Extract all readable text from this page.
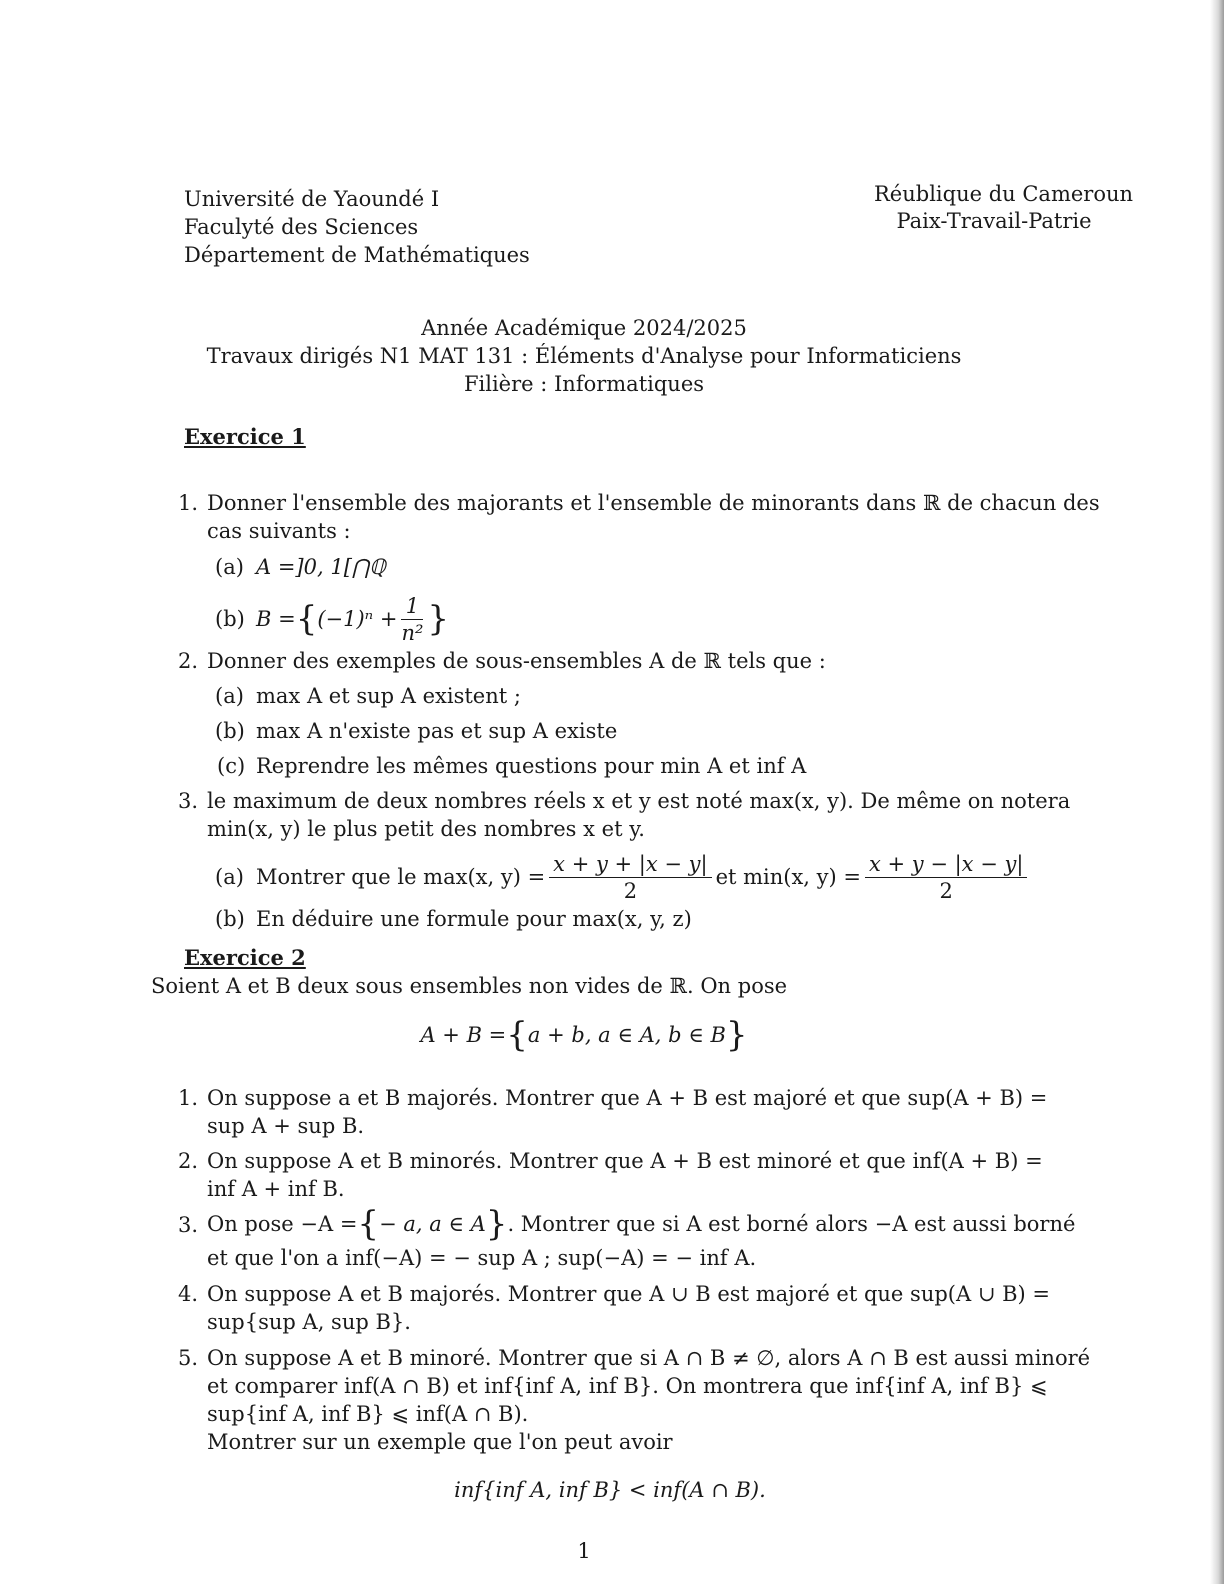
Université de Yaoundé I
Faculyté des Sciences
Département de Mathématiques
Réublique du Cameroun
Paix-Travail-Patrie
Année Académique 2024/2025
Travaux dirigés N1 MAT 131 : Éléments d'Analyse pour Informaticiens
Filière : Informatiques
Exercice 1
1. Donner l'ensemble des majorants et l'ensemble de minorants dans ℝ de chacun des
cas suivants :
(a) A =]0, 1[⋂ℚ
(b) B = { $(-1)^n + \frac{1}{\text{n²}}$ }
2. Donner des exemples de sous-ensembles A de ℝ tels que :
(a) max A et sup A existent ;
(b) max A n'existe pas et sup A existe
(c) Reprendre les mêmes questions pour min A et inf A
3. le maximum de deux nombres réels x et y est noté max(x, y). De même on notera
min(x, y) le plus petit des nombres x et y.
(a) Montrer que le max(x, $y) = \frac{x + y + |x - y|}{2}$ et min(x, $y) = \frac{x + y - |x - y|}{2}$
(b) En déduire une formule pour max(x, y, z)
Exercice 2
Soient A et B deux sous ensembles non vides de ℝ. On pose
A + B = { a + b, a ∈ A, b ∈ B }
1. On suppose a et B majorés. Montrer que A + B est majoré et que sup(A + B) =
sup A + sup B.
2. On suppose A et B minorés. Montrer que A + B est minoré et que inf(A + B) =
inf A + inf B.
3. On pose −A = { − a, a ∈ A } . Montrer que si A est borné alors −A est aussi borné
et que l'on a inf(−A) = − sup A ; sup(−A) = − inf A.
4. On suppose A et B majorés. Montrer que A ∪ B est majoré et que sup(A ∪ B) =
sup{sup A, sup B}.
5. On suppose A et B minoré. Montrer que si A ∩ B ≠ ∅, alors A ∩ B est aussi minoré
et comparer inf(A ∩ B) et inf{inf A, inf B}. On montrera que inf{inf A, inf B} ⩽
sup{inf A, inf B} ⩽ inf(A ∩ B).
Montrer sur un exemple que l'on peut avoir
inf{inf A, inf B} < inf(A ∩ B).
1
